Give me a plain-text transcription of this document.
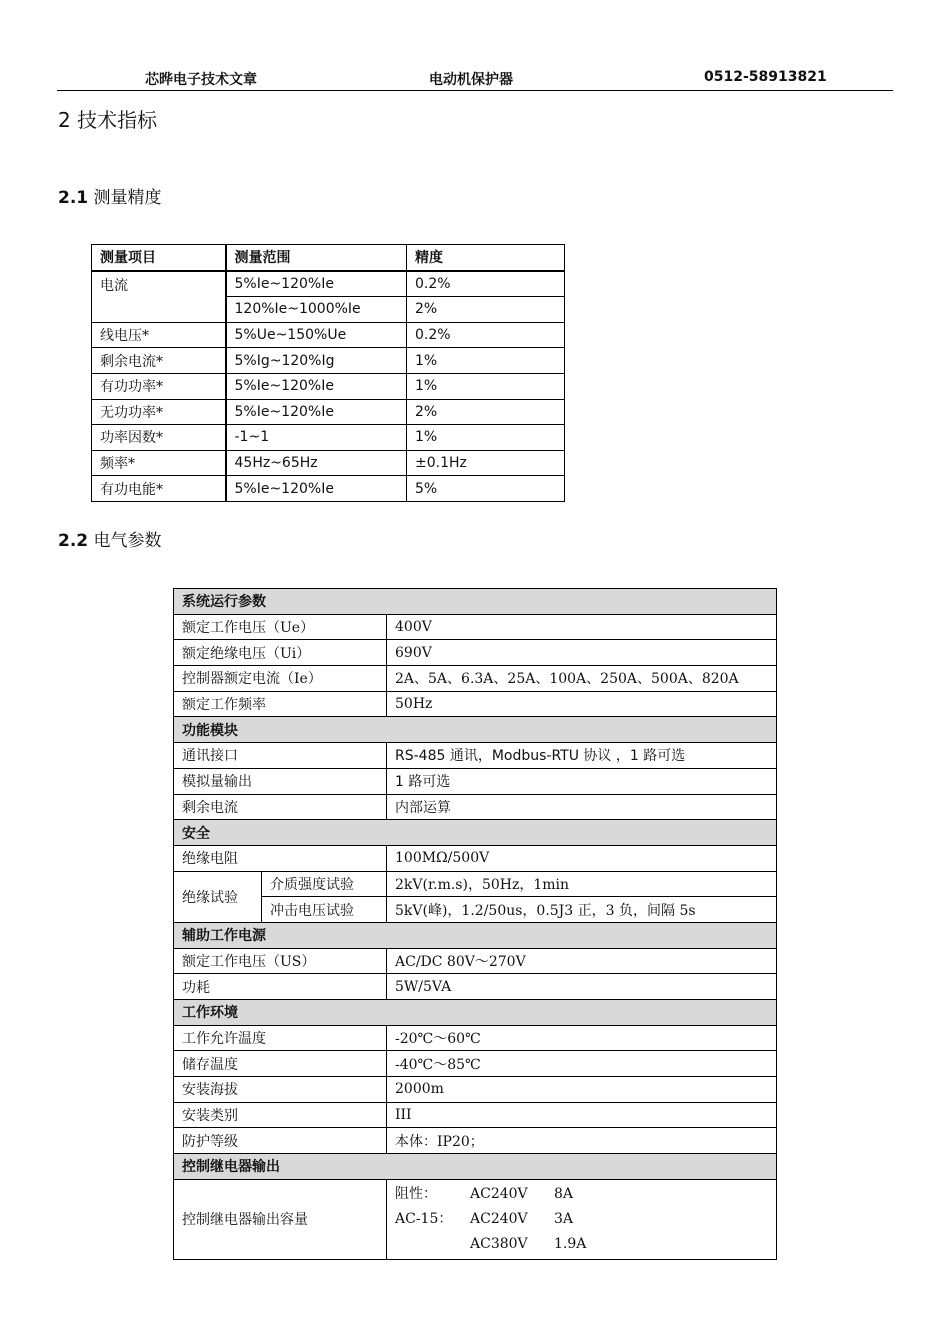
芯晔电子技术文章	电动机保护器	0512-58913821
2 技术指标
2.1 测量精度
测量项目	测量范围	精度
电流	5%Ie~120%Ie	0.2%
	120%Ie~1000%Ie	2%
线电压*	5%Ue~150%Ue	0.2%
剩余电流*	5%Ig~120%Ig	1%
有功功率*	5%Ie~120%Ie	1%
无功功率*	5%Ie~120%Ie	2%
功率因数*	-1~1	1%
频率*	45Hz~65Hz	±0.1Hz
有功电能*	5%Ie~120%Ie	5%
2.2 电气参数
系统运行参数		
额定工作电压（Ue）		400V
额定绝缘电压（Ui）		690V
控制器额定电流（Ie）		2A、5A、6.3A、25A、100A、250A、500A、820A
额定工作频率		50Hz
功能模块		
通讯接口		RS-485 通讯，Modbus-RTU 协议 ，1 路可选
模拟量输出		1 路可选
剩余电流		内部运算
安全		
绝缘电阻		100MΩ/500V
绝缘试验	介质强度试验	2kV(r.m.s)，50Hz，1min
	冲击电压试验	5kV(峰)，1.2/50us，0.5J3 正，3 负，间隔 5s
辅助工作电源		
额定工作电压（US）		AC/DC 80V～270V
功耗		5W/5VA
工作环境		
工作允许温度		-20℃～60℃
储存温度		-40℃～85℃
安装海拔		2000m
安装类别		III
防护等级		本体：IP20；
控制继电器输出		
控制继电器输出容量		阻性： AC240V 8A
AC-15： AC240V 3A
AC380V 1.9A
